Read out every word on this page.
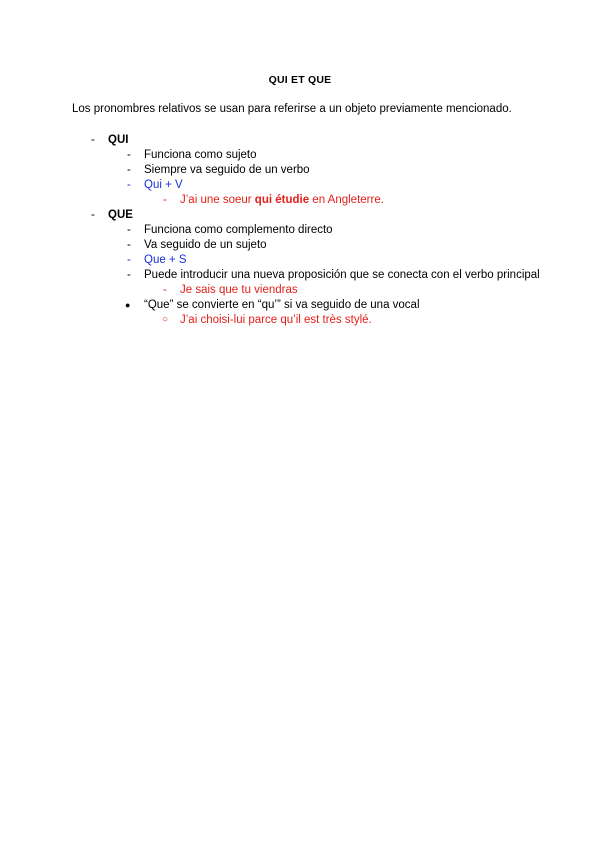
QUI ET QUE
Los pronombres relativos se usan para referirse a un objeto previamente mencionado.
- QUI
- Funciona como sujeto
- Siempre va seguido de un verbo
- Qui + V
- J’ai une soeur qui étudie en Angleterre.
- QUE
- Funciona como complemento directo
- Va seguido de un sujeto
- Que + S
- Puede introducir una nueva proposición que se conecta con el verbo principal
- Je sais que tu viendras
● “Que” se convierte en “qu’” si va seguido de una vocal
○ J’ai choisi-lui parce qu’il est très stylé.
